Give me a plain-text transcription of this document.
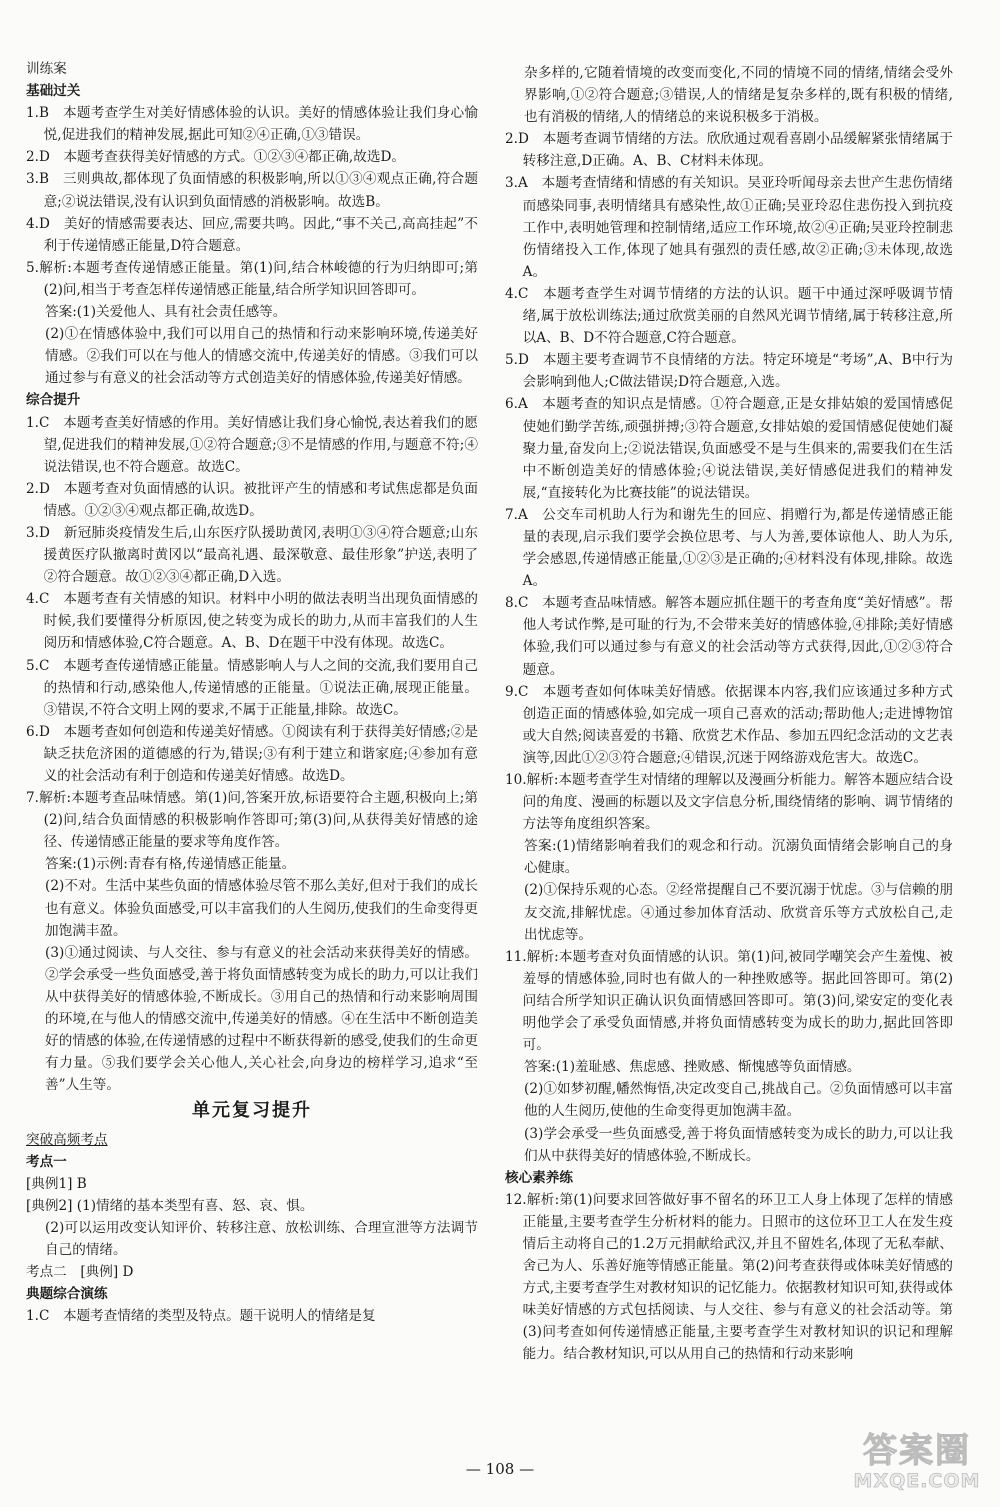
训练案

基础过关

1.B　本题考查学生对美好情感体验的认识。美好的情感体验让我们身心愉悦,促进我们的精神发展,据此可知②④正确,①③错误。

2.D　本题考查获得美好情感的方式。①②③④都正确,故选D。

3.B　三则典故,都体现了负面情感的积极影响,所以①③④观点正确,符合题意;②说法错误,没有认识到负面情感的消极影响。故选B。

4.D　美好的情感需要表达、回应,需要共鸣。因此,“事不关己,高高挂起”不利于传递情感正能量,D符合题意。

5.解析:本题考查传递情感正能量。第(1)问,结合林峻德的行为归纳即可;第(2)问,相当于考查怎样传递情感正能量,结合所学知识回答即可。

答案:(1)关爱他人、具有社会责任感等。

(2)①在情感体验中,我们可以用自己的热情和行动来影响环境,传递美好情感。②我们可以在与他人的情感交流中,传递美好的情感。③我们可以通过参与有意义的社会活动等方式创造美好的情感体验,传递美好情感。

综合提升

1.C　本题考查美好情感的作用。美好情感让我们身心愉悦,表达着我们的愿望,促进我们的精神发展,①②符合题意;③不是情感的作用,与题意不符;④说法错误,也不符合题意。故选C。

2.D　本题考查对负面情感的认识。被批评产生的情感和考试焦虑都是负面情感。①②③④观点都正确,故选D。

3.D　新冠肺炎疫情发生后,山东医疗队援助黄冈,表明①③④符合题意;山东援黄医疗队撤离时黄冈以“最高礼遇、最深敬意、最佳形象”护送,表明了②符合题意。故①②③④都正确,D入选。

4.C　本题考查有关情感的知识。材料中小明的做法表明当出现负面情感的时候,我们要懂得分析原因,使之转变为成长的助力,从而丰富我们的人生阅历和情感体验,C符合题意。A、B、D在题干中没有体现。故选C。

5.C　本题考查传递情感正能量。情感影响人与人之间的交流,我们要用自己的热情和行动,感染他人,传递情感的正能量。①说法正确,展现正能量。③错误,不符合文明上网的要求,不属于正能量,排除。故选C。

6.D　本题考查如何创造和传递美好情感。①阅读有利于获得美好情感;②是缺乏扶危济困的道德感的行为,错误;③有利于建立和谐家庭;④参加有意义的社会活动有利于创造和传递美好情感。故选D。

7.解析:本题考查品味情感。第(1)问,答案开放,标语要符合主题,积极向上;第(2)问,结合负面情感的积极影响作答即可;第(3)问,从获得美好情感的途径、传递情感正能量的要求等角度作答。

答案:(1)示例:青春有格,传递情感正能量。

(2)不对。生活中某些负面的情感体验尽管不那么美好,但对于我们的成长也有意义。体验负面感受,可以丰富我们的人生阅历,使我们的生命变得更加饱满丰盈。

(3)①通过阅读、与人交往、参与有意义的社会活动来获得美好的情感。②学会承受一些负面感受,善于将负面情感转变为成长的助力,可以让我们从中获得美好的情感体验,不断成长。③用自己的热情和行动来影响周围的环境,在与他人的情感交流中,传递美好的情感。④在生活中不断创造美好的情感的体验,在传递情感的过程中不断获得新的感受,使我们的生命更有力量。⑤我们要学会关心他人,关心社会,向身边的榜样学习,追求“至善”人生等。

单元复习提升

突破高频考点

考点一

[典例1] B

[典例2] (1)情绪的基本类型有喜、怒、哀、惧。

(2)可以运用改变认知评价、转移注意、放松训练、合理宣泄等方法调节自己的情绪。

考点二　[典例] D

典题综合演练

1.C　本题考查情绪的类型及特点。题干说明人的情绪是复

杂多样的,它随着情境的改变而变化,不同的情境不同的情绪,情绪会受外界影响,①②符合题意;③错误,人的情绪是复杂多样的,既有积极的情绪,也有消极的情绪,人的情绪总的来说积极多于消极。

2.D　本题考查调节情绪的方法。欣欣通过观看喜剧小品缓解紧张情绪属于转移注意,D正确。A、B、C材料未体现。

3.A　本题考查情绪和情感的有关知识。吴亚玲听闻母亲去世产生悲伤情绪而感染同事,表明情绪具有感染性,故①正确;吴亚玲忍住悲伤投入到抗疫工作中,表明她管理和控制情绪,适应工作环境,故②④正确;吴亚玲控制悲伤情绪投入工作,体现了她具有强烈的责任感,故②正确;③未体现,故选A。

4.C　本题考查学生对调节情绪的方法的认识。题干中通过深呼吸调节情绪,属于放松训练法;通过欣赏美丽的自然风光调节情绪,属于转移注意,所以A、B、D不符合题意,C符合题意。

5.D　本题主要考查调节不良情绪的方法。特定环境是“考场”,A、B中行为会影响到他人;C做法错误;D符合题意,入选。

6.A　本题考查的知识点是情感。①符合题意,正是女排姑娘的爱国情感促使她们勤学苦练,顽强拼搏;③符合题意,女排姑娘的爱国情感促使她们凝聚力量,奋发向上;②说法错误,负面感受不是与生俱来的,需要我们在生活中不断创造美好的情感体验;④说法错误,美好情感促进我们的精神发展,“直接转化为比赛技能”的说法错误。

7.A　公交车司机助人行为和谢先生的回应、捐赠行为,都是传递情感正能量的表现,启示我们要学会换位思考、与人为善,要体谅他人、助人为乐,学会感恩,传递情感正能量,①②③是正确的;④材料没有体现,排除。故选A。

8.C　本题考查品味情感。解答本题应抓住题干的考查角度“美好情感”。帮他人考试作弊,是可耻的行为,不会带来美好的情感体验,④排除;美好情感体验,我们可以通过参与有意义的社会活动等方式获得,因此,①②③符合题意。

9.C　本题考查如何体味美好情感。依据课本内容,我们应该通过多种方式创造正面的情感体验,如完成一项自己喜欢的活动;帮助他人;走进博物馆或大自然;阅读喜爱的书籍、欣赏艺术作品、参加五四纪念活动的文艺表演等,因此①②③符合题意;④错误,沉迷于网络游戏危害大。故选C。

10.解析:本题考查学生对情绪的理解以及漫画分析能力。解答本题应结合设问的角度、漫画的标题以及文字信息分析,围绕情绪的影响、调节情绪的方法等角度组织答案。

答案:(1)情绪影响着我们的观念和行动。沉溺负面情绪会影响自己的身心健康。

(2)①保持乐观的心态。②经常提醒自己不要沉溺于忧虑。③与信赖的朋友交流,排解忧虑。④通过参加体育活动、欣赏音乐等方式放松自己,走出忧虑等。

11.解析:本题考查对负面情感的认识。第(1)问,被同学嘲笑会产生羞愧、被羞辱的情感体验,同时也有做人的一种挫败感等。据此回答即可。第(2)问结合所学知识正确认识负面情感回答即可。第(3)问,梁安定的变化表明他学会了承受负面情感,并将负面情感转变为成长的助力,据此回答即可。

答案:(1)羞耻感、焦虑感、挫败感、惭愧感等负面情感。

(2)①如梦初醒,幡然悔悟,决定改变自己,挑战自己。②负面情感可以丰富他的人生阅历,使他的生命变得更加饱满丰盈。

(3)学会承受一些负面感受,善于将负面情感转变为成长的助力,可以让我们从中获得美好的情感体验,不断成长。

核心素养练

12.解析:第(1)问要求回答做好事不留名的环卫工人身上体现了怎样的情感正能量,主要考查学生分析材料的能力。日照市的这位环卫工人在发生疫情后主动将自己的1.2万元捐献给武汉,并且不留姓名,体现了无私奉献、舍己为人、乐善好施等情感正能量。第(2)问考查获得或体味美好情感的方式,主要考查学生对教材知识的记忆能力。依据教材知识可知,获得或体味美好情感的方式包括阅读、与人交往、参与有意义的社会活动等。第(3)问考查如何传递情感正能量,主要考查学生对教材知识的识记和理解能力。结合教材知识,可以从用自己的热情和行动来影响

— 108 —	答案圈
MXQE.COM
